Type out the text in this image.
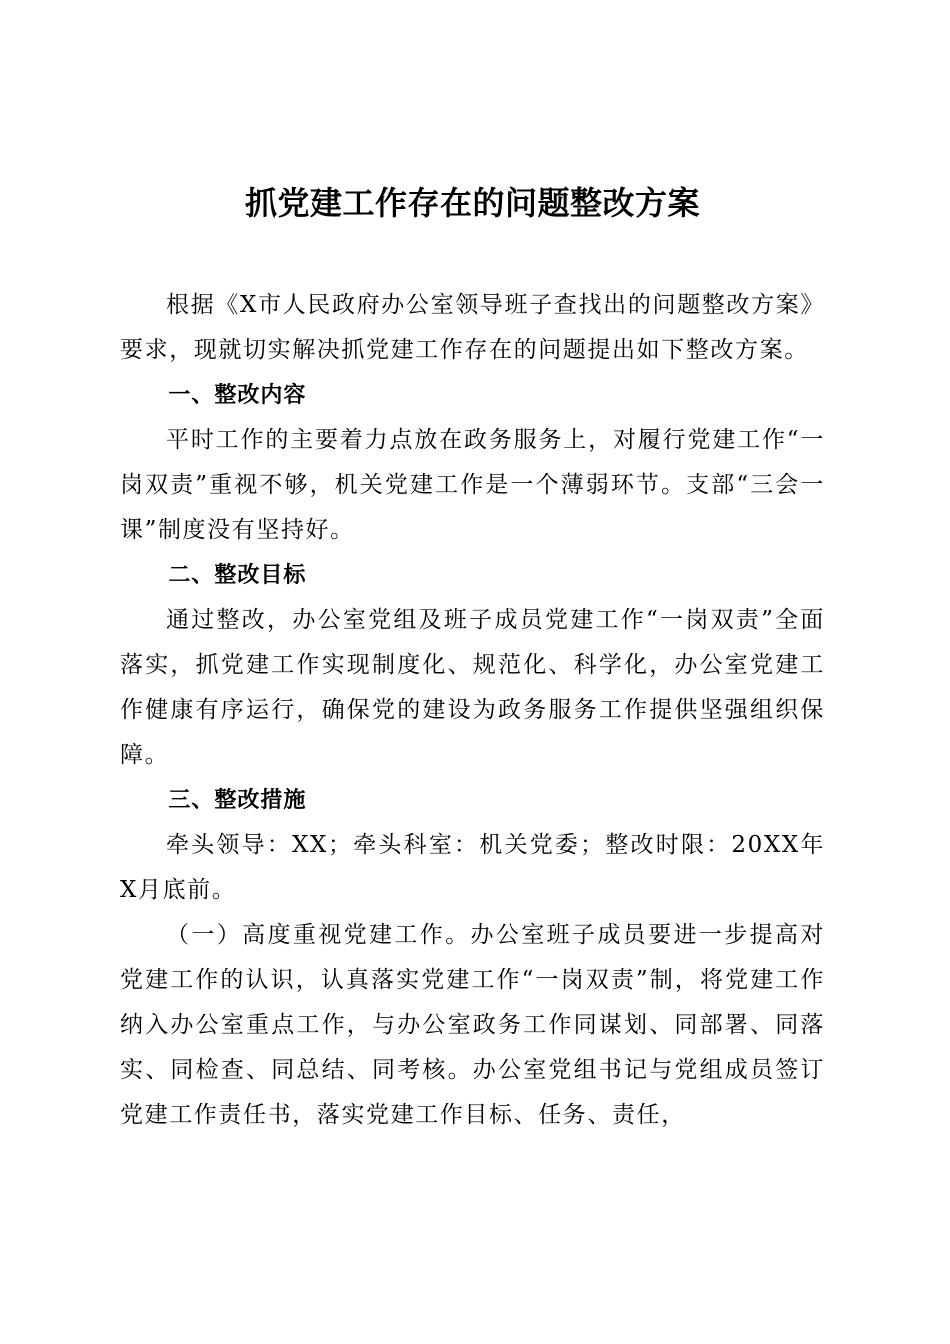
抓党建工作存在的问题整改方案

根据《X市人民政府办公室领导班子查找出的问题整改方案》要求，现就切实解决抓党建工作存在的问题提出如下整改方案。

一、整改内容

平时工作的主要着力点放在政务服务上，对履行党建工作“一岗双责”重视不够，机关党建工作是一个薄弱环节。支部“三会一课”制度没有坚持好。

二、整改目标

通过整改，办公室党组及班子成员党建工作“一岗双责”全面落实，抓党建工作实现制度化、规范化、科学化，办公室党建工作健康有序运行，确保党的建设为政务服务工作提供坚强组织保障。

三、整改措施

牵头领导：XX；牵头科室：机关党委；整改时限：20XX年X月底前。

（一）高度重视党建工作。办公室班子成员要进一步提高对党建工作的认识，认真落实党建工作“一岗双责”制，将党建工作纳入办公室重点工作，与办公室政务工作同谋划、同部署、同落实、同检查、同总结、同考核。办公室党组书记与党组成员签订党建工作责任书，落实党建工作目标、任务、责任，
